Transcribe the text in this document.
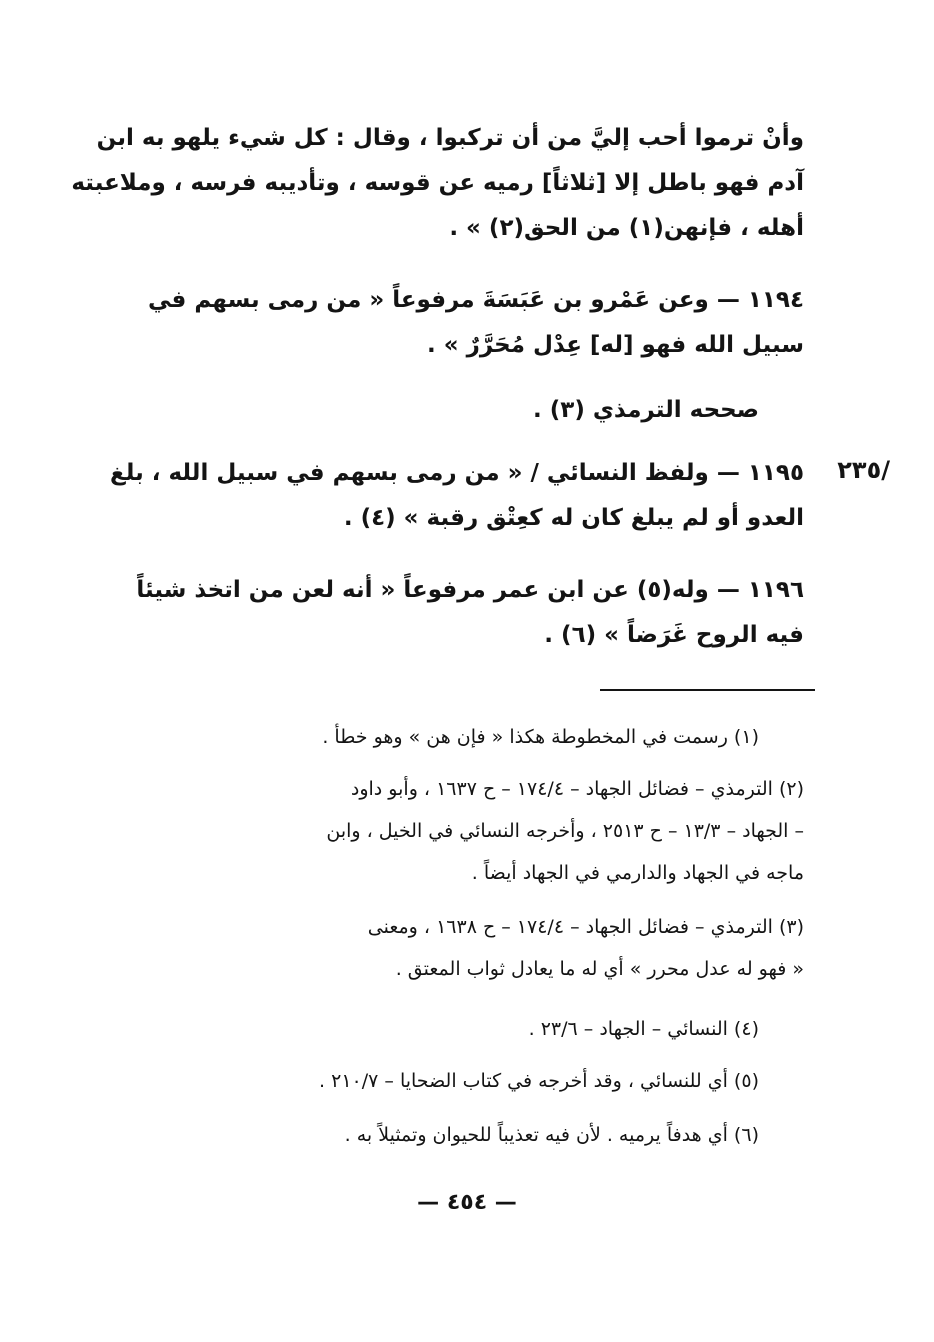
وأنْ ترموا أحب إليَّ من أن تركبوا ، وقال : كل شيء يلهو به ابن
آدم فهو باطل إلا [ثلاثاً] رميه عن قوسه ، وتأديبه فرسه ، وملاعبته
أهله ، فإنهن(١) من الحق(٢) » .
١١٩٤ — وعن عَمْرو بن عَبَسَةَ مرفوعاً « من رمى بسهم في
سبيل الله فهو [له] عِدْل مُحَرَّرٌ » .
صححه الترمذي (٣) .
/٢٣٥
١١٩٥ — ولفظ النسائي / « من رمى بسهم في سبيل الله ، بلغ
العدو أو لم يبلغ كان له كعِتْق رقبة » (٤) .
١١٩٦ — وله(٥) عن ابن عمر مرفوعاً « أنه لعن من اتخذ شيئاً
فيه الروح غَرَضاً » (٦) .
(١) رسمت في المخطوطة هكذا « فإن هن » وهو خطأ .
(٢) الترمذي – فضائل الجهاد – ١٧٤/٤ – ح ١٦٣٧ ، وأبو داود
– الجهاد – ١٣/٣ – ح ٢٥١٣ ، وأخرجه النسائي في الخيل ، وابن
ماجه في الجهاد والدارمي في الجهاد أيضاً .
(٣) الترمذي – فضائل الجهاد – ١٧٤/٤ – ح ١٦٣٨ ، ومعنى
« فهو له عدل محرر » أي له ما يعادل ثواب المعتق .
(٤) النسائي – الجهاد – ٢٣/٦ .
(٥) أي للنسائي ، وقد أخرجه في كتاب الضحايا – ٢١٠/٧ .
(٦) أي هدفاً يرميه . لأن فيه تعذيباً للحيوان وتمثيلاً به .
— ٤٥٤ —
